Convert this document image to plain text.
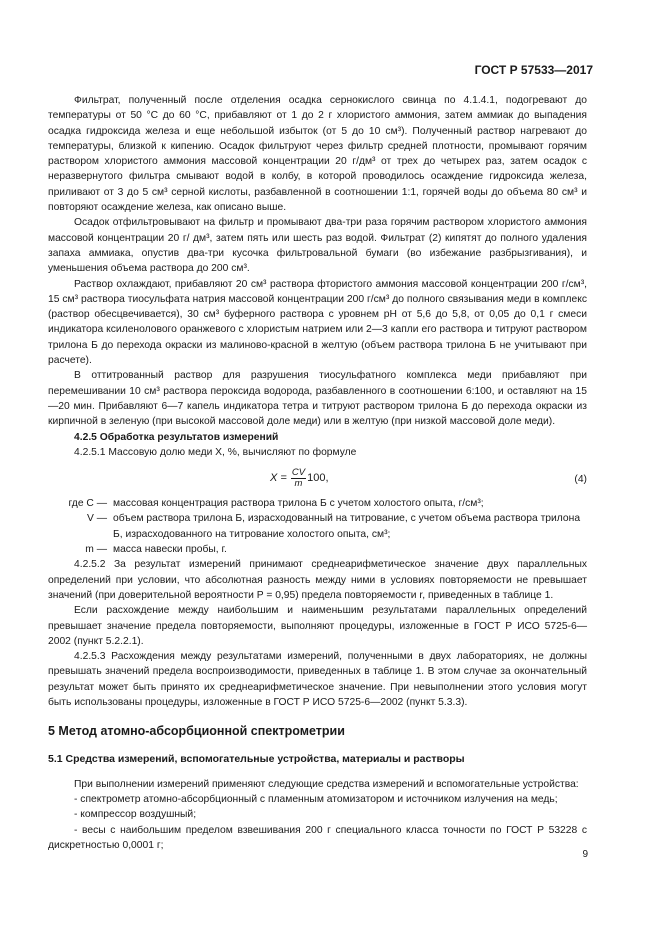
ГОСТ Р 57533—2017

Фильтрат, полученный после отделения осадка сернокислого свинца по 4.1.4.1, подогревают до температуры от 50 °С до 60 °С, прибавляют от 1 до 2 г хлористого аммония, затем аммиак до выпадения осадка гидроксида железа и еще небольшой избыток (от 5 до 10 см³). Полученный раствор нагревают до температуры, близкой к кипению. Осадок фильтруют через фильтр средней плотности, промывают горячим раствором хлористого аммония массовой концентрации 20 г/дм³ от трех до четырех раз, затем осадок с неразвернутого фильтра смывают водой в колбу, в которой проводилось осаждение гидроксида железа, приливают от 3 до 5 см³ серной кислоты, разбавленной в соотношении 1:1, горячей воды до объема 80 см³ и повторяют осаждение железа, как описано выше.

Осадок отфильтровывают на фильтр и промывают два-три раза горячим раствором хлористого аммония массовой концентрации 20 г/ дм³, затем пять или шесть раз водой. Фильтрат (2) кипятят до полного удаления запаха аммиака, опустив два-три кусочка фильтровальной бумаги (во избежание разбрызгивания), и уменьшения объема раствора до 200 см³.

Раствор охлаждают, прибавляют 20 см³ раствора фтористого аммония массовой концентрации 200 г/см³, 15 см³ раствора тиосульфата натрия массовой концентрации 200 г/см³ до полного связывания меди в комплекс (раствор обесцвечивается), 30 см³ буферного раствора с уровнем pH от 5,6 до 5,8, от 0,05 до 0,1 г смеси индикатора ксиленолового оранжевого с хлористым натрием или 2—3 капли его раствора и титруют раствором трилона Б до перехода окраски из малиново-красной в желтую (объем раствора трилона Б не учитывают при расчете).

В оттитрованный раствор для разрушения тиосульфатного комплекса меди прибавляют при перемешивании 10 см³ раствора пероксида водорода, разбавленного в соотношении 6:100, и оставляют на 15—20 мин. Прибавляют 6—7 капель индикатора тетра и титруют раствором трилона Б до перехода окраски из кирпичной в зеленую (при высокой массовой доле меди) или в желтую (при низкой массовой доле меди).

4.2.5 Обработка результатов измерений

4.2.5.1 Массовую долю меди X, %, вычисляют по формуле

X =
$\frac{CV}{m} 100$,	(4)
где C — массовая концентрация раствора трилона Б с учетом холостого опыта, г/см³;
V — объем раствора трилона Б, израсходованный на титрование, с учетом объема раствора трилона Б, израсходованного на титрование холостого опыта, см³;
m — масса навески пробы, г.

4.2.5.2 За результат измерений принимают среднеарифметическое значение двух параллельных определений при условии, что абсолютная разность между ними в условиях повторяемости не превышает значений (при доверительной вероятности P = 0,95) предела повторяемости r, приведенных в таблице 1.

Если расхождение между наибольшим и наименьшим результатами параллельных определений превышает значение предела повторяемости, выполняют процедуры, изложенные в ГОСТ Р ИСО 5725-6—2002 (пункт 5.2.2.1).

4.2.5.3 Расхождения между результатами измерений, полученными в двух лабораториях, не должны превышать значений предела воспроизводимости, приведенных в таблице 1. В этом случае за окончательный результат может быть принято их среднеарифметическое значение. При невыполнении этого условия могут быть использованы процедуры, изложенные в ГОСТ Р ИСО 5725-6—2002 (пункт 5.3.3).

5 Метод атомно-абсорбционной спектрометрии
5.1 Средства измерений, вспомогательные устройства, материалы и растворы

При выполнении измерений применяют следующие средства измерений и вспомогательные устройства:

- спектрометр атомно-абсорбционный с пламенным атомизатором и источником излучения на медь;

- компрессор воздушный;

- весы с наибольшим пределом взвешивания 200 г специального класса точности по ГОСТ Р 53228 с дискретностью 0,0001 г;

9
